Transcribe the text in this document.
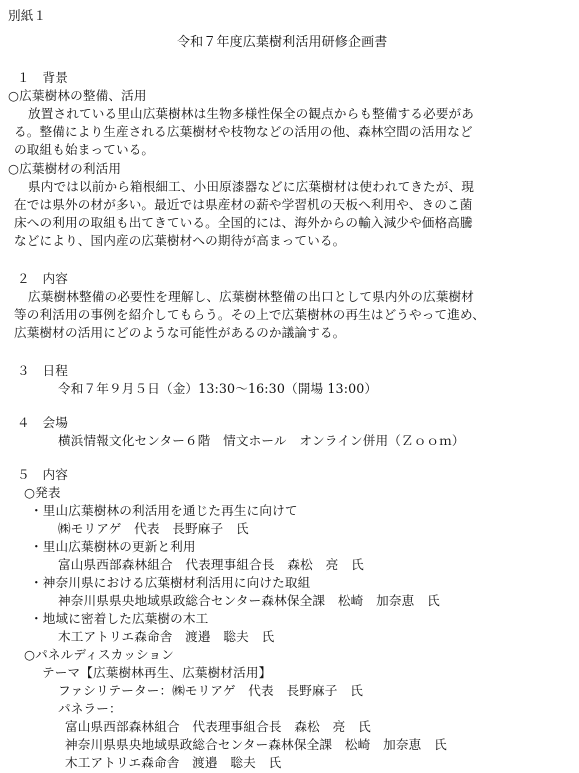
別紙１
令和７年度広葉樹利活用研修企画書
１　背景
○広葉樹林の整備、活用
放置されている里山広葉樹林は生物多様性保全の観点からも整備する必要があ
る。整備により生産される広葉樹材や枝物などの活用の他、森林空間の活用など
の取組も始まっている。
○広葉樹材の利活用
県内では以前から箱根細工、小田原漆器などに広葉樹材は使われてきたが、現
在では県外の材が多い。最近では県産材の薪や学習机の天板へ利用や、きのこ菌
床への利用の取組も出てきている。全国的には、海外からの輸入減少や価格高騰
などにより、国内産の広葉樹材への期待が高まっている。
２　内容
広葉樹林整備の必要性を理解し、広葉樹林整備の出口として県内外の広葉樹材
等の利活用の事例を紹介してもらう。その上で広葉樹林の再生はどうやって進め、
広葉樹材の活用にどのような可能性があるのか議論する。
３　日程
令和７年９月５日（金）13:30～16:30（開場 13:00）
４　会場
横浜情報文化センター６階　情文ホール　オンライン併用（Ｚｏｏｍ）
５　内容
○発表
・里山広葉樹林の利活用を通じた再生に向けて
㈱モリアゲ　代表　長野麻子　氏
・里山広葉樹林の更新と利用
富山県西部森林組合　代表理事組合長　森松　亮　氏
・神奈川県における広葉樹材利活用に向けた取組
神奈川県県央地域県政総合センター森林保全課　松崎　加奈恵　氏
・地域に密着した広葉樹の木工
木工アトリエ森命舎　渡邉　聡夫　氏
○パネルディスカッション
テーマ【広葉樹林再生、広葉樹材活用】
ファシリテーター：㈱モリアゲ　代表　長野麻子　氏
パネラー：
富山県西部森林組合　代表理事組合長　森松　亮　氏
神奈川県県央地域県政総合センター森林保全課　松崎　加奈恵　氏
木工アトリエ森命舎　渡邉　聡夫　氏
